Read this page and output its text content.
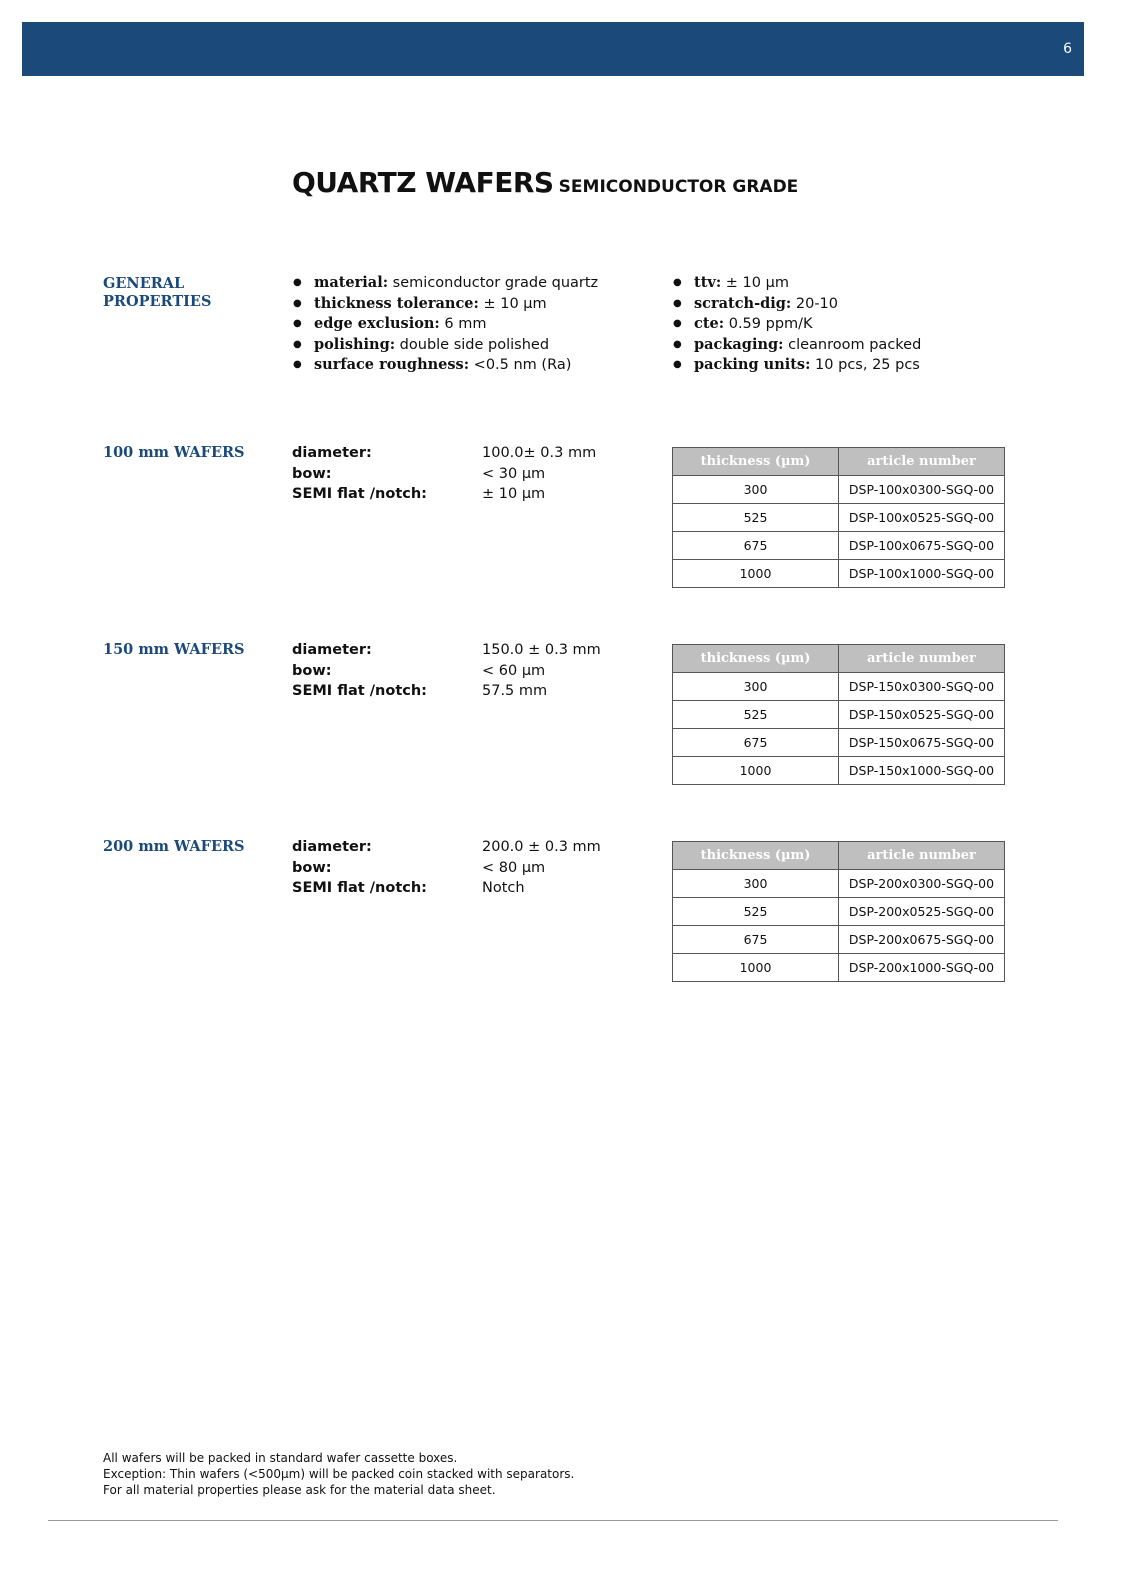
6
QUARTZ WAFERS SEMICONDUCTOR GRADE
GENERAL
PROPERTIES
● material: semiconductor grade quartz
● thickness tolerance: ± 10 µm
● edge exclusion: 6 mm
● polishing: double side polished
● surface roughness: <0.5 nm (Ra)
● ttv: ± 10 µm
● scratch-dig: 20-10
● cte: 0.59 ppm/K
● packaging: cleanroom packed
● packing units: 10 pcs, 25 pcs
100 mm WAFERS	diameter:	100.0± 0.3 mm
bow:	< 30 µm
SEMI flat /notch:	± 10 µm
thickness (µm)	article number
300	DSP-100x0300-SGQ-00
525	DSP-100x0525-SGQ-00
675	DSP-100x0675-SGQ-00
1000	DSP-100x1000-SGQ-00
150 mm WAFERS	diameter:	150.0 ± 0.3 mm
bow:	< 60 µm
SEMI flat /notch:	57.5 mm
thickness (µm)	article number
300	DSP-150x0300-SGQ-00
525	DSP-150x0525-SGQ-00
675	DSP-150x0675-SGQ-00
1000	DSP-150x1000-SGQ-00
200 mm WAFERS	diameter:	200.0 ± 0.3 mm
bow:	< 80 µm
SEMI flat /notch:	Notch
thickness (µm)	article number
300	DSP-200x0300-SGQ-00
525	DSP-200x0525-SGQ-00
675	DSP-200x0675-SGQ-00
1000	DSP-200x1000-SGQ-00
All wafers will be packed in standard wafer cassette boxes.
Exception: Thin wafers (<500µm) will be packed coin stacked with separators.
For all material properties please ask for the material data sheet.
